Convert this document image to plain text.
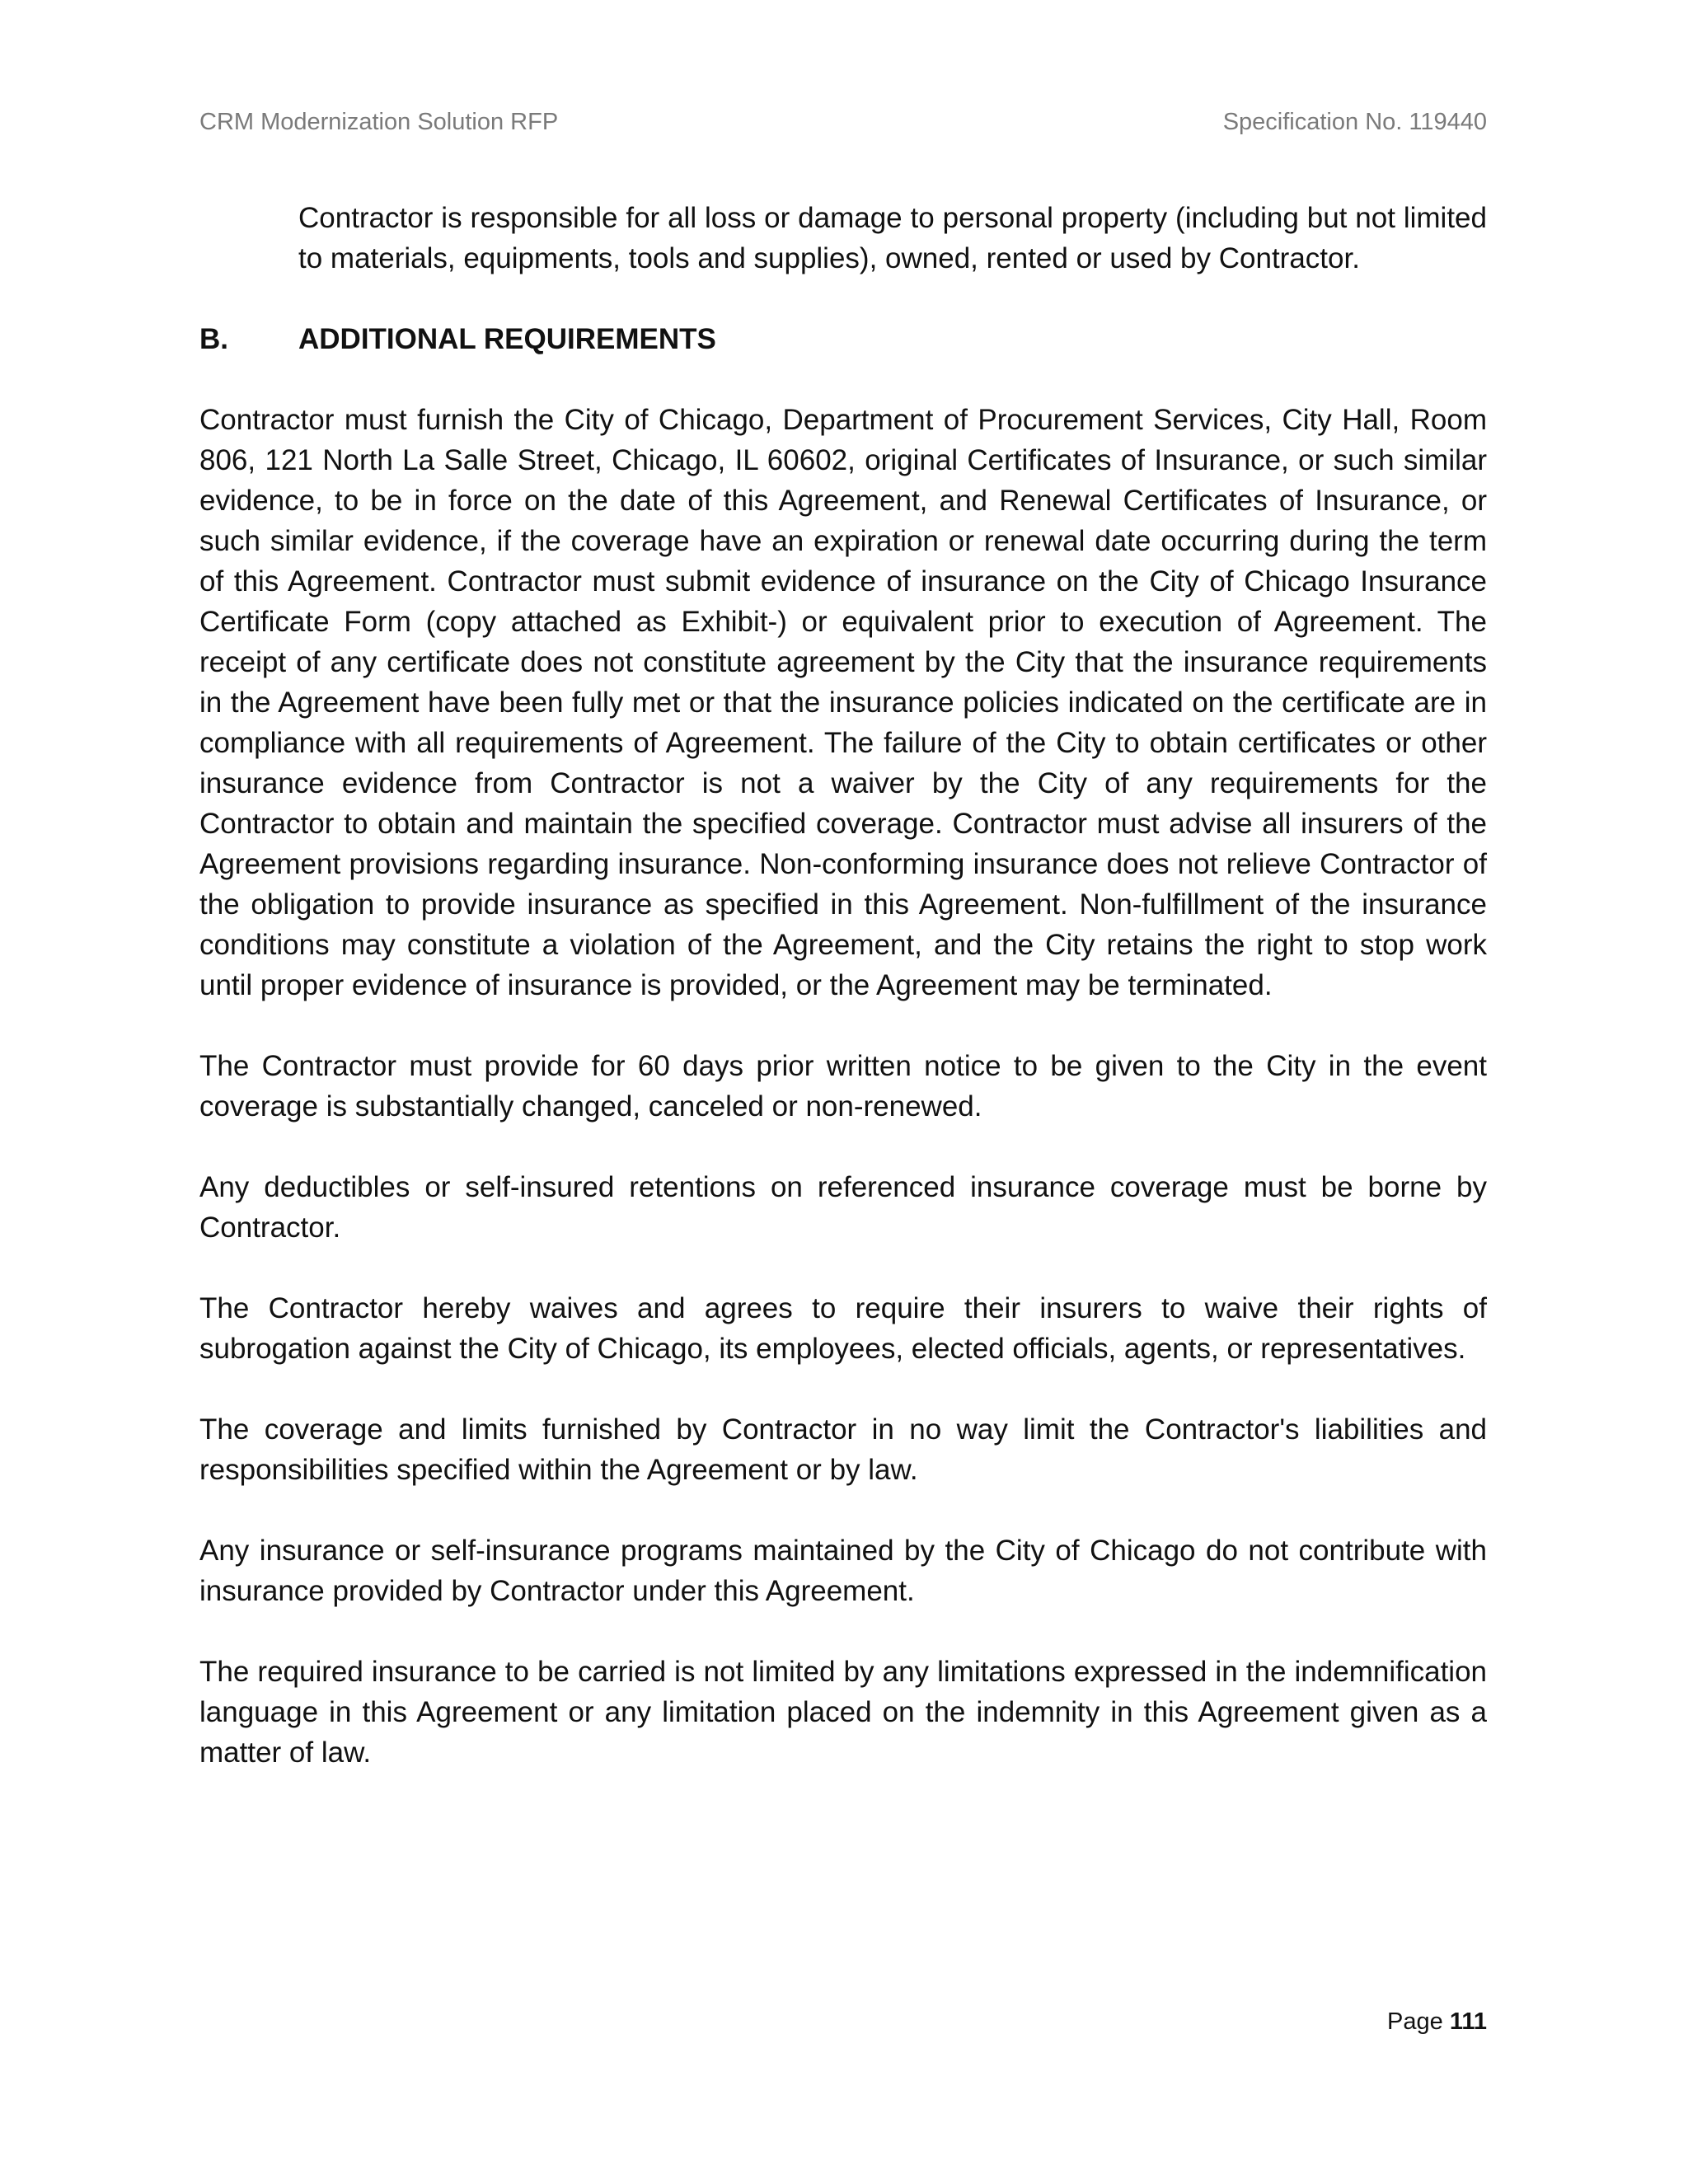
CRM Modernization Solution RFP	Specification No. 119440

Contractor is responsible for all loss or damage to personal property (including but not limited to materials, equipments, tools and supplies), owned, rented or used by Contractor.

B.	ADDITIONAL REQUIREMENTS

Contractor must furnish the City of Chicago, Department of Procurement Services, City Hall, Room 806, 121 North La Salle Street, Chicago, IL 60602, original Certificates of Insurance, or such similar evidence, to be in force on the date of this Agreement, and Renewal Certificates of Insurance, or such similar evidence, if the coverage have an expiration or renewal date occurring during the term of this Agreement. Contractor must submit evidence of insurance on the City of Chicago Insurance Certificate Form (copy attached as Exhibit-) or equivalent prior to execution of Agreement. The receipt of any certificate does not constitute agreement by the City that the insurance requirements in the Agreement have been fully met or that the insurance policies indicated on the certificate are in compliance with all requirements of Agreement. The failure of the City to obtain certificates or other insurance evidence from Contractor is not a waiver by the City of any requirements for the Contractor to obtain and maintain the specified coverage. Contractor must advise all insurers of the Agreement provisions regarding insurance. Non-conforming insurance does not relieve Contractor of the obligation to provide insurance as specified in this Agreement. Non-fulfillment of the insurance conditions may constitute a violation of the Agreement, and the City retains the right to stop work until proper evidence of insurance is provided, or the Agreement may be terminated.

The Contractor must provide for 60 days prior written notice to be given to the City in the event coverage is substantially changed, canceled or non-renewed.

Any deductibles or self-insured retentions on referenced insurance coverage must be borne by Contractor.

The Contractor hereby waives and agrees to require their insurers to waive their rights of subrogation against the City of Chicago, its employees, elected officials, agents, or representatives.

The coverage and limits furnished by Contractor in no way limit the Contractor's liabilities and responsibilities specified within the Agreement or by law.

Any insurance or self-insurance programs maintained by the City of Chicago do not contribute with insurance provided by Contractor under this Agreement.

The required insurance to be carried is not limited by any limitations expressed in the indemnification language in this Agreement or any limitation placed on the indemnity in this Agreement given as a matter of law.

Page 111
